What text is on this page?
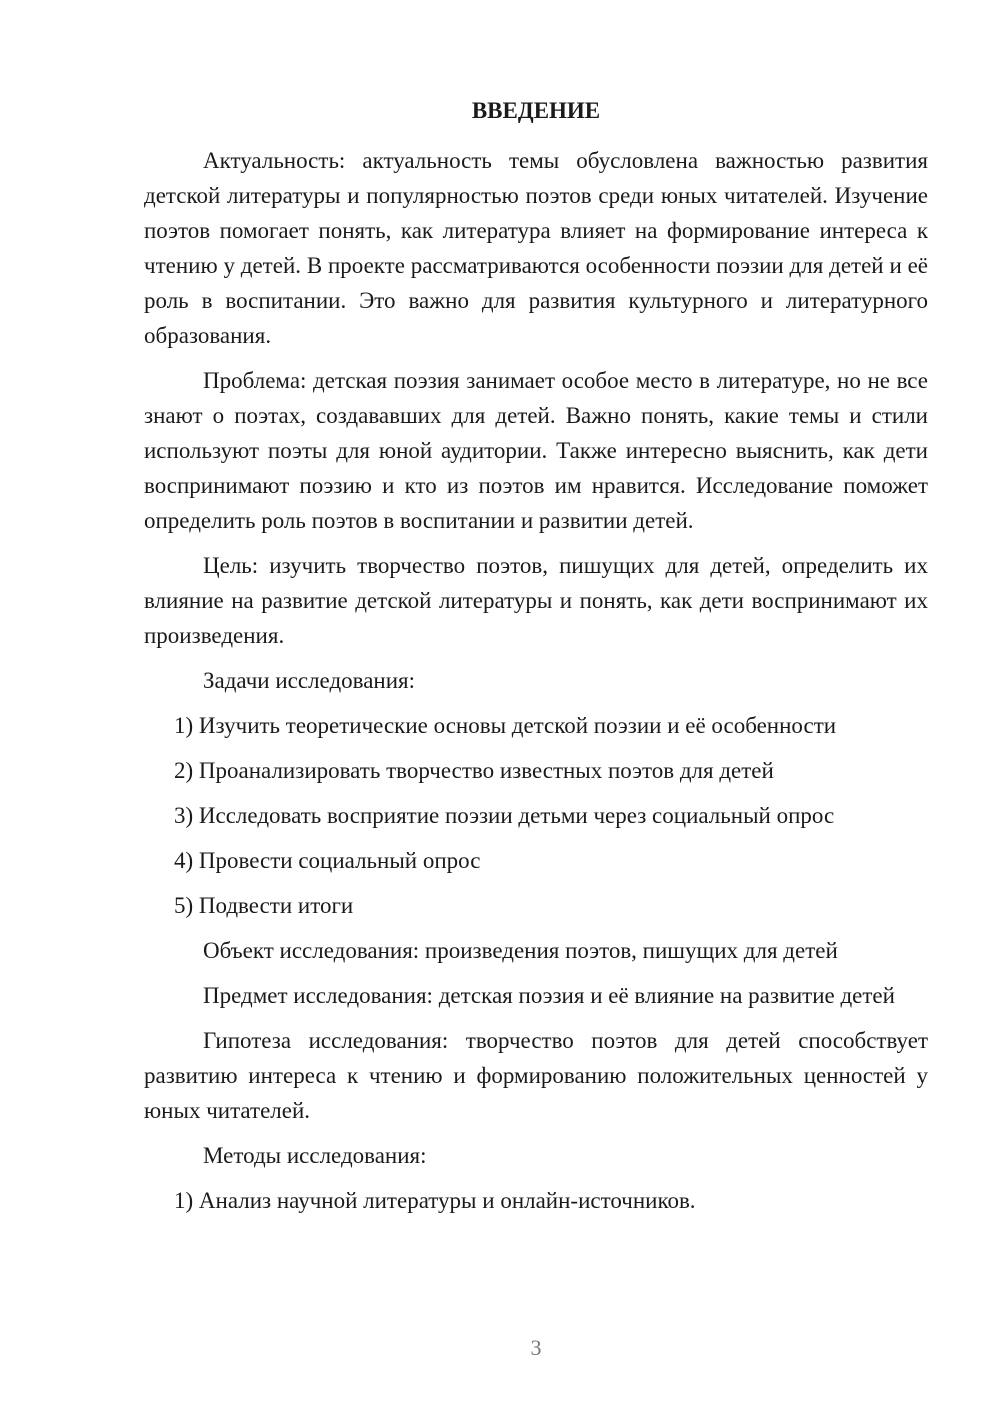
ВВЕДЕНИЕ

Актуальность: актуальность темы обусловлена важностью развития детской литературы и популярностью поэтов среди юных читателей. Изучение поэтов помогает понять, как литература влияет на формирование интереса к чтению у детей. В проекте рассматриваются особенности поэзии для детей и её роль в воспитании. Это важно для развития культурного и литературного образования.

Проблема: детская поэзия занимает особое место в литературе, но не все знают о поэтах, создававших для детей. Важно понять, какие темы и стили используют поэты для юной аудитории. Также интересно выяснить, как дети воспринимают поэзию и кто из поэтов им нравится. Исследование поможет определить роль поэтов в воспитании и развитии детей.

Цель: изучить творчество поэтов, пишущих для детей, определить их влияние на развитие детской литературы и понять, как дети воспринимают их произведения.

Задачи исследования:

1) Изучить теоретические основы детской поэзии и её особенности

2) Проанализировать творчество известных поэтов для детей

3) Исследовать восприятие поэзии детьми через социальный опрос

4) Провести социальный опрос

5) Подвести итоги

Объект исследования: произведения поэтов, пишущих для детей

Предмет исследования: детская поэзия и её влияние на развитие детей

Гипотеза исследования: творчество поэтов для детей способствует развитию интереса к чтению и формированию положительных ценностей у юных читателей.

Методы исследования:

1) Анализ научной литературы и онлайн-источников.

3
